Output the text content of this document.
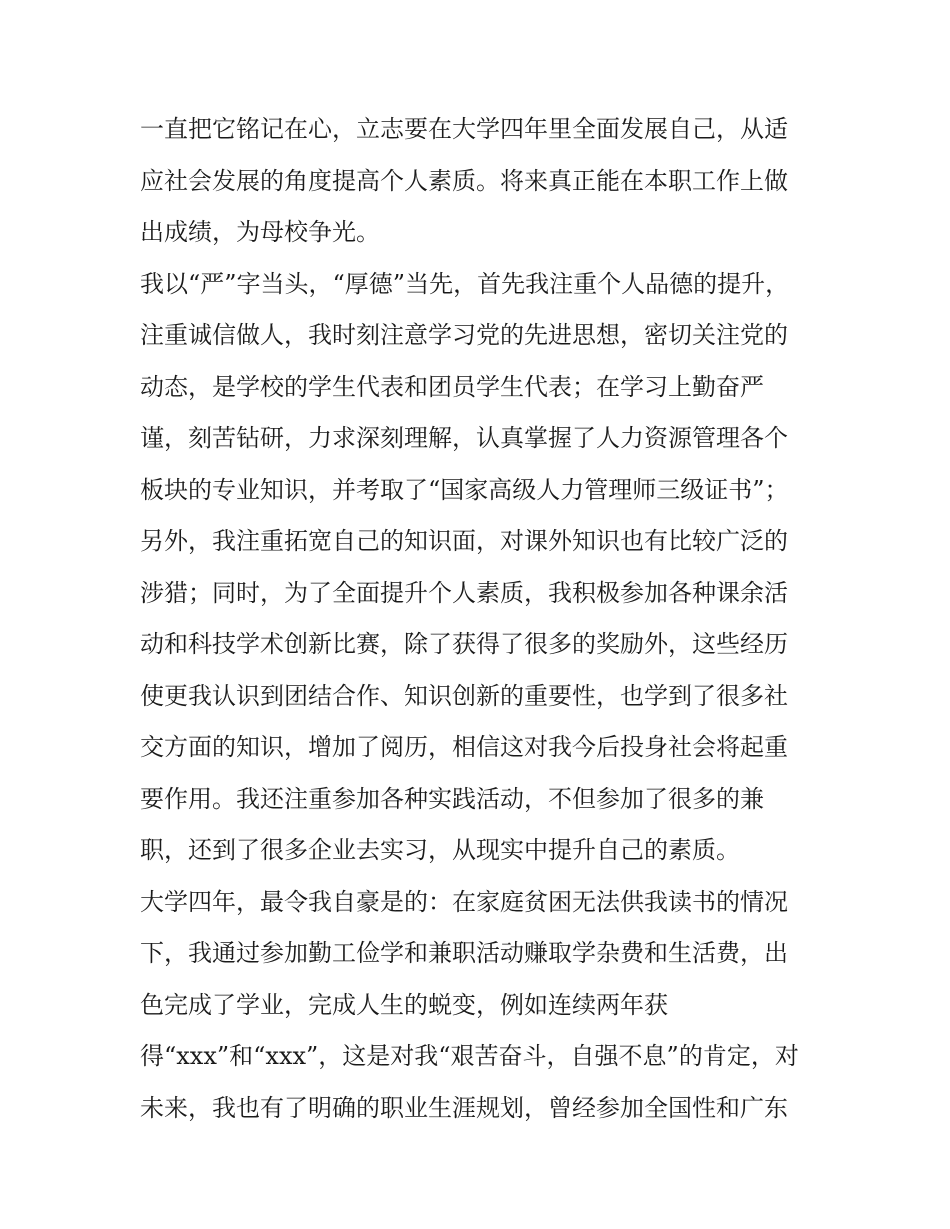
一直把它铭记在心，立志要在大学四年里全面发展自己，从适
应社会发展的角度提高个人素质。将来真正能在本职工作上做
出成绩，为母校争光。
我以“严”字当头，“厚德”当先，首先我注重个人品德的提升，
注重诚信做人，我时刻注意学习党的先进思想，密切关注党的
动态，是学校的学生代表和团员学生代表；在学习上勤奋严
谨，刻苦钻研，力求深刻理解，认真掌握了人力资源管理各个
板块的专业知识，并考取了“国家高级人力管理师三级证书”；
另外，我注重拓宽自己的知识面，对课外知识也有比较广泛的
涉猎；同时，为了全面提升个人素质，我积极参加各种课余活
动和科技学术创新比赛，除了获得了很多的奖励外，这些经历
使更我认识到团结合作、知识创新的重要性，也学到了很多社
交方面的知识，增加了阅历，相信这对我今后投身社会将起重
要作用。我还注重参加各种实践活动，不但参加了很多的兼
职，还到了很多企业去实习，从现实中提升自己的素质。
大学四年，最令我自豪是的：在家庭贫困无法供我读书的情况
下，我通过参加勤工俭学和兼职活动赚取学杂费和生活费，出
色完成了学业，完成人生的蜕变，例如连续两年获
得“xxx”和“xxx”，这是对我“艰苦奋斗，自强不息”的肯定，对
未来，我也有了明确的职业生涯规划，曾经参加全国性和广东
